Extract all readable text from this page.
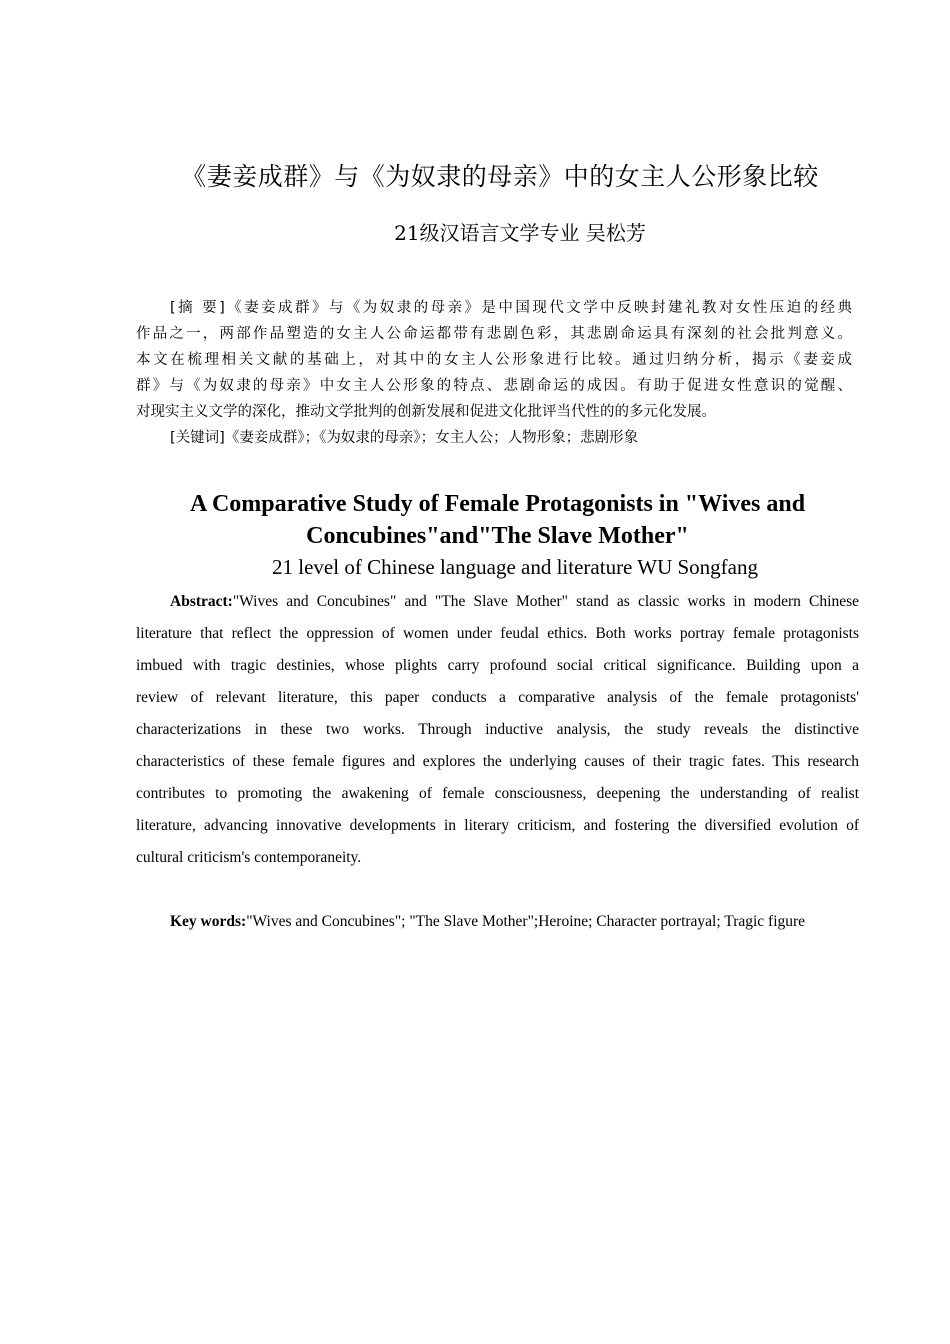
《妻妾成群》与《为奴隶的母亲》中的女主人公形象比较
21级汉语言文学专业 吴松芳
[摘 要]《妻妾成群》与《为奴隶的母亲》是中国现代文学中反映封建礼教对女性压迫的经典
作品之一，两部作品塑造的女主人公命运都带有悲剧色彩，其悲剧命运具有深刻的社会批判意义。
本文在梳理相关文献的基础上，对其中的女主人公形象进行比较。通过归纳分析，揭示《妻妾成
群》与《为奴隶的母亲》中女主人公形象的特点、悲剧命运的成因。有助于促进女性意识的觉醒、
对现实主义文学的深化，推动文学批判的创新发展和促进文化批评当代性的的多元化发展。
[关键词]《妻妾成群》；《为奴隶的母亲》；女主人公；人物形象；悲剧形象
A Comparative Study of Female Protagonists in "Wives and
Concubines"and"The Slave Mother"
21 level of Chinese language and literature WU Songfang
Abstract:"Wives and Concubines" and "The Slave Mother" stand as classic works in modern Chinese
literature that reflect the oppression of women under feudal ethics. Both works portray female protagonists
imbued with tragic destinies, whose plights carry profound social critical significance. Building upon a
review of relevant literature, this paper conducts a comparative analysis of the female protagonists'
characterizations in these two works. Through inductive analysis, the study reveals the distinctive
characteristics of these female figures and explores the underlying causes of their tragic fates. This research
contributes to promoting the awakening of female consciousness, deepening the understanding of realist
literature, advancing innovative developments in literary criticism, and fostering the diversified evolution of
cultural criticism's contemporaneity.
Key words:"Wives and Concubines"; "The Slave Mother";Heroine; Character portrayal; Tragic figure
